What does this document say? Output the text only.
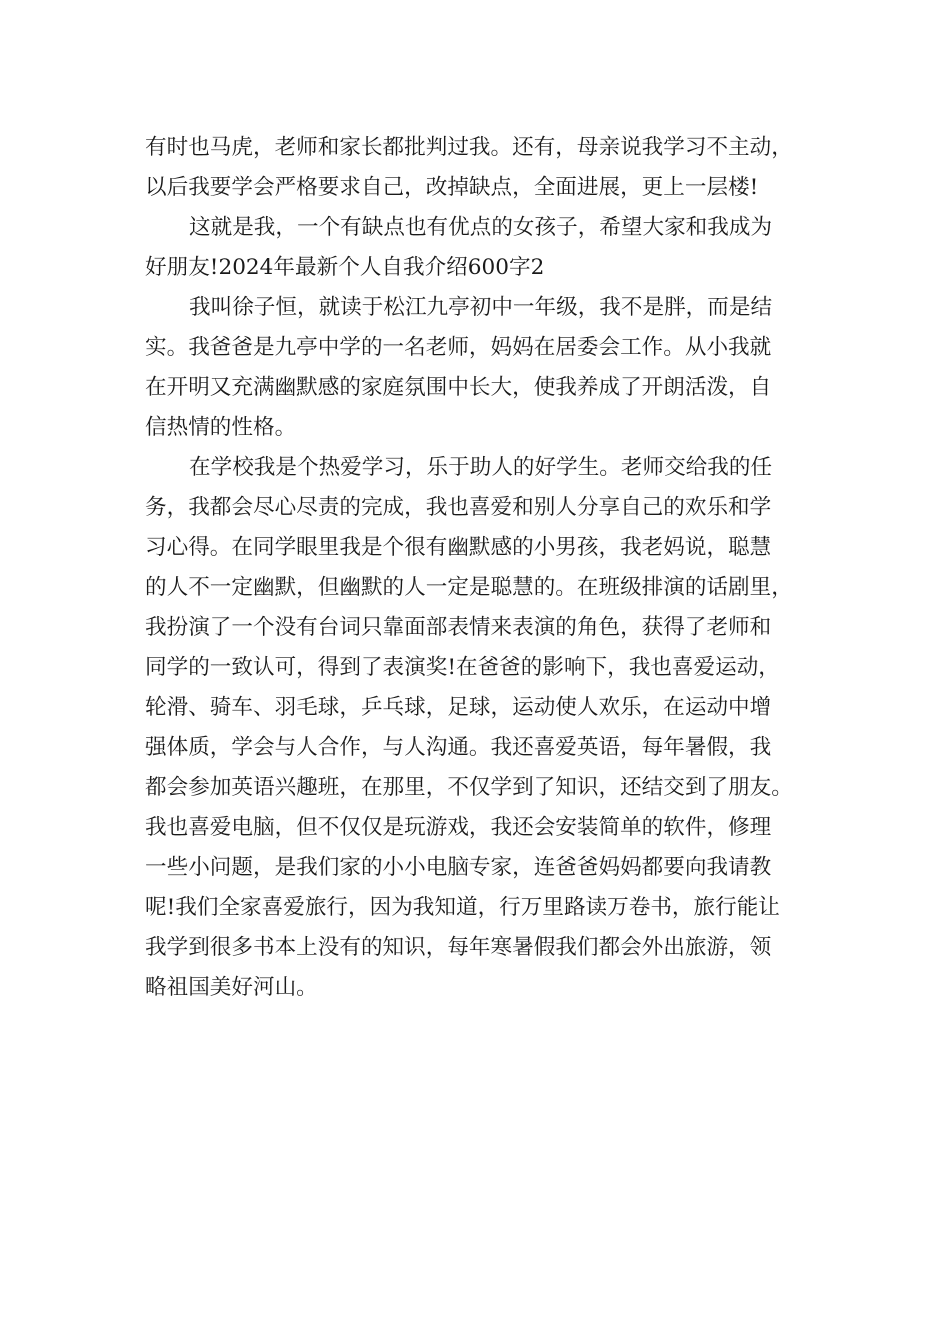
有时也马虎，老师和家长都批判过我。还有，母亲说我学习不主动，
以后我要学会严格要求自己，改掉缺点，全面进展，更上一层楼!
这就是我，一个有缺点也有优点的女孩子，希望大家和我成为
好朋友!2024年最新个人自我介绍600字2
我叫徐子恒，就读于松江九亭初中一年级，我不是胖，而是结
实。我爸爸是九亭中学的一名老师，妈妈在居委会工作。从小我就
在开明又充满幽默感的家庭氛围中长大，使我养成了开朗活泼，自
信热情的性格。
在学校我是个热爱学习，乐于助人的好学生。老师交给我的任
务，我都会尽心尽责的完成，我也喜爱和别人分享自己的欢乐和学
习心得。在同学眼里我是个很有幽默感的小男孩，我老妈说，聪慧
的人不一定幽默，但幽默的人一定是聪慧的。在班级排演的话剧里，
我扮演了一个没有台词只靠面部表情来表演的角色，获得了老师和
同学的一致认可，得到了表演奖!在爸爸的影响下，我也喜爱运动，
轮滑、骑车、羽毛球，乒乓球，足球，运动使人欢乐，在运动中增
强体质，学会与人合作，与人沟通。我还喜爱英语，每年暑假，我
都会参加英语兴趣班，在那里，不仅学到了知识，还结交到了朋友。
我也喜爱电脑，但不仅仅是玩游戏，我还会安装简单的软件，修理
一些小问题，是我们家的小小电脑专家，连爸爸妈妈都要向我请教
呢!我们全家喜爱旅行，因为我知道，行万里路读万卷书，旅行能让
我学到很多书本上没有的知识，每年寒暑假我们都会外出旅游，领
略祖国美好河山。
